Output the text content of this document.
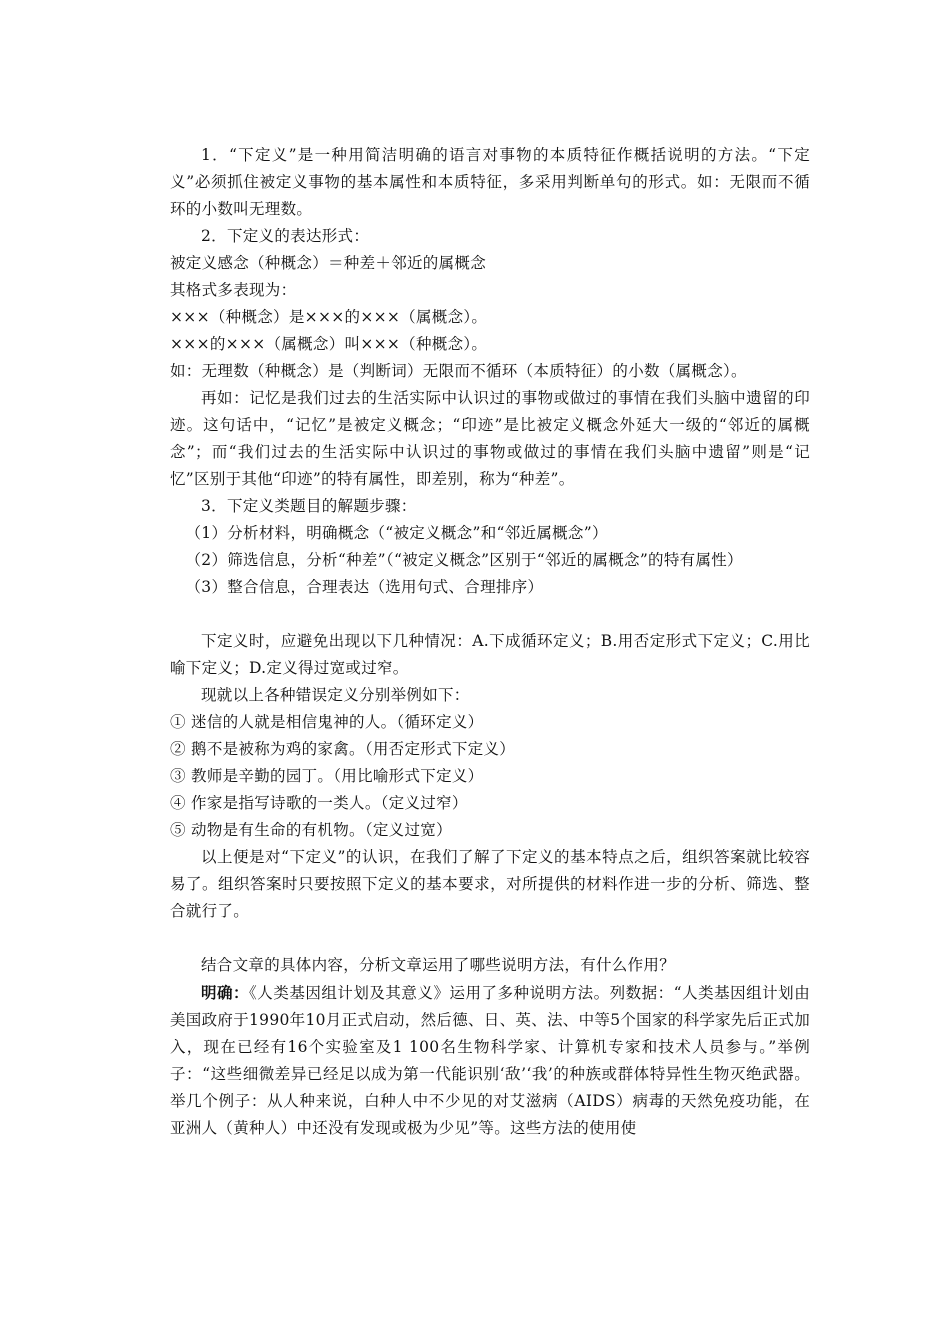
1．“下定义”是一种用简洁明确的语言对事物的本质特征作概括说明的方法。“下定义”必须抓住被定义事物的基本属性和本质特征，多采用判断单句的形式。如：无限而不循环的小数叫无理数。

2．下定义的表达形式：

被定义感念（种概念）＝种差＋邻近的属概念

其格式多表现为：

×××（种概念）是×××的×××（属概念）。

×××的×××（属概念）叫×××（种概念）。

如：无理数（种概念）是（判断词）无限而不循环（本质特征）的小数（属概念）。

再如：记忆是我们过去的生活实际中认识过的事物或做过的事情在我们头脑中遗留的印迹。这句话中，“记忆”是被定义概念；“印迹”是比被定义概念外延大一级的“邻近的属概念”；而“我们过去的生活实际中认识过的事物或做过的事情在我们头脑中遗留”则是“记忆”区别于其他“印迹”的特有属性，即差别，称为“种差”。

3．下定义类题目的解题步骤：

（1）分析材料，明确概念（“被定义概念”和“邻近属概念”）

（2）筛选信息，分析“种差”（“被定义概念”区别于“邻近的属概念”的特有属性）

（3）整合信息，合理表达（选用句式、合理排序）

下定义时，应避免出现以下几种情况：A.下成循环定义；B.用否定形式下定义；C.用比喻下定义；D.定义得过宽或过窄。

现就以上各种错误定义分别举例如下：

① 迷信的人就是相信鬼神的人。（循环定义）

② 鹅不是被称为鸡的家禽。（用否定形式下定义）

③ 教师是辛勤的园丁。（用比喻形式下定义）

④ 作家是指写诗歌的一类人。（定义过窄）

⑤ 动物是有生命的有机物。（定义过宽）

以上便是对“下定义”的认识，在我们了解了下定义的基本特点之后，组织答案就比较容易了。组织答案时只要按照下定义的基本要求，对所提供的材料作进一步的分析、筛选、整合就行了。

结合文章的具体内容，分析文章运用了哪些说明方法，有什么作用？

明确：《人类基因组计划及其意义》运用了多种说明方法。列数据：“人类基因组计划由美国政府于1990年10月正式启动，然后德、日、英、法、中等5个国家的科学家先后正式加入，现在已经有16个实验室及1 100名生物科学家、计算机专家和技术人员参与。”举例子：“这些细微差异已经足以成为第一代能识别‘敌’‘我’的种族或群体特异性生物灭绝武器。举几个例子：从人种来说，白种人中不少见的对艾滋病（AIDS）病毒的天然免疫功能，在亚洲人（黄种人）中还没有发现或极为少见”等。这些方法的使用使
